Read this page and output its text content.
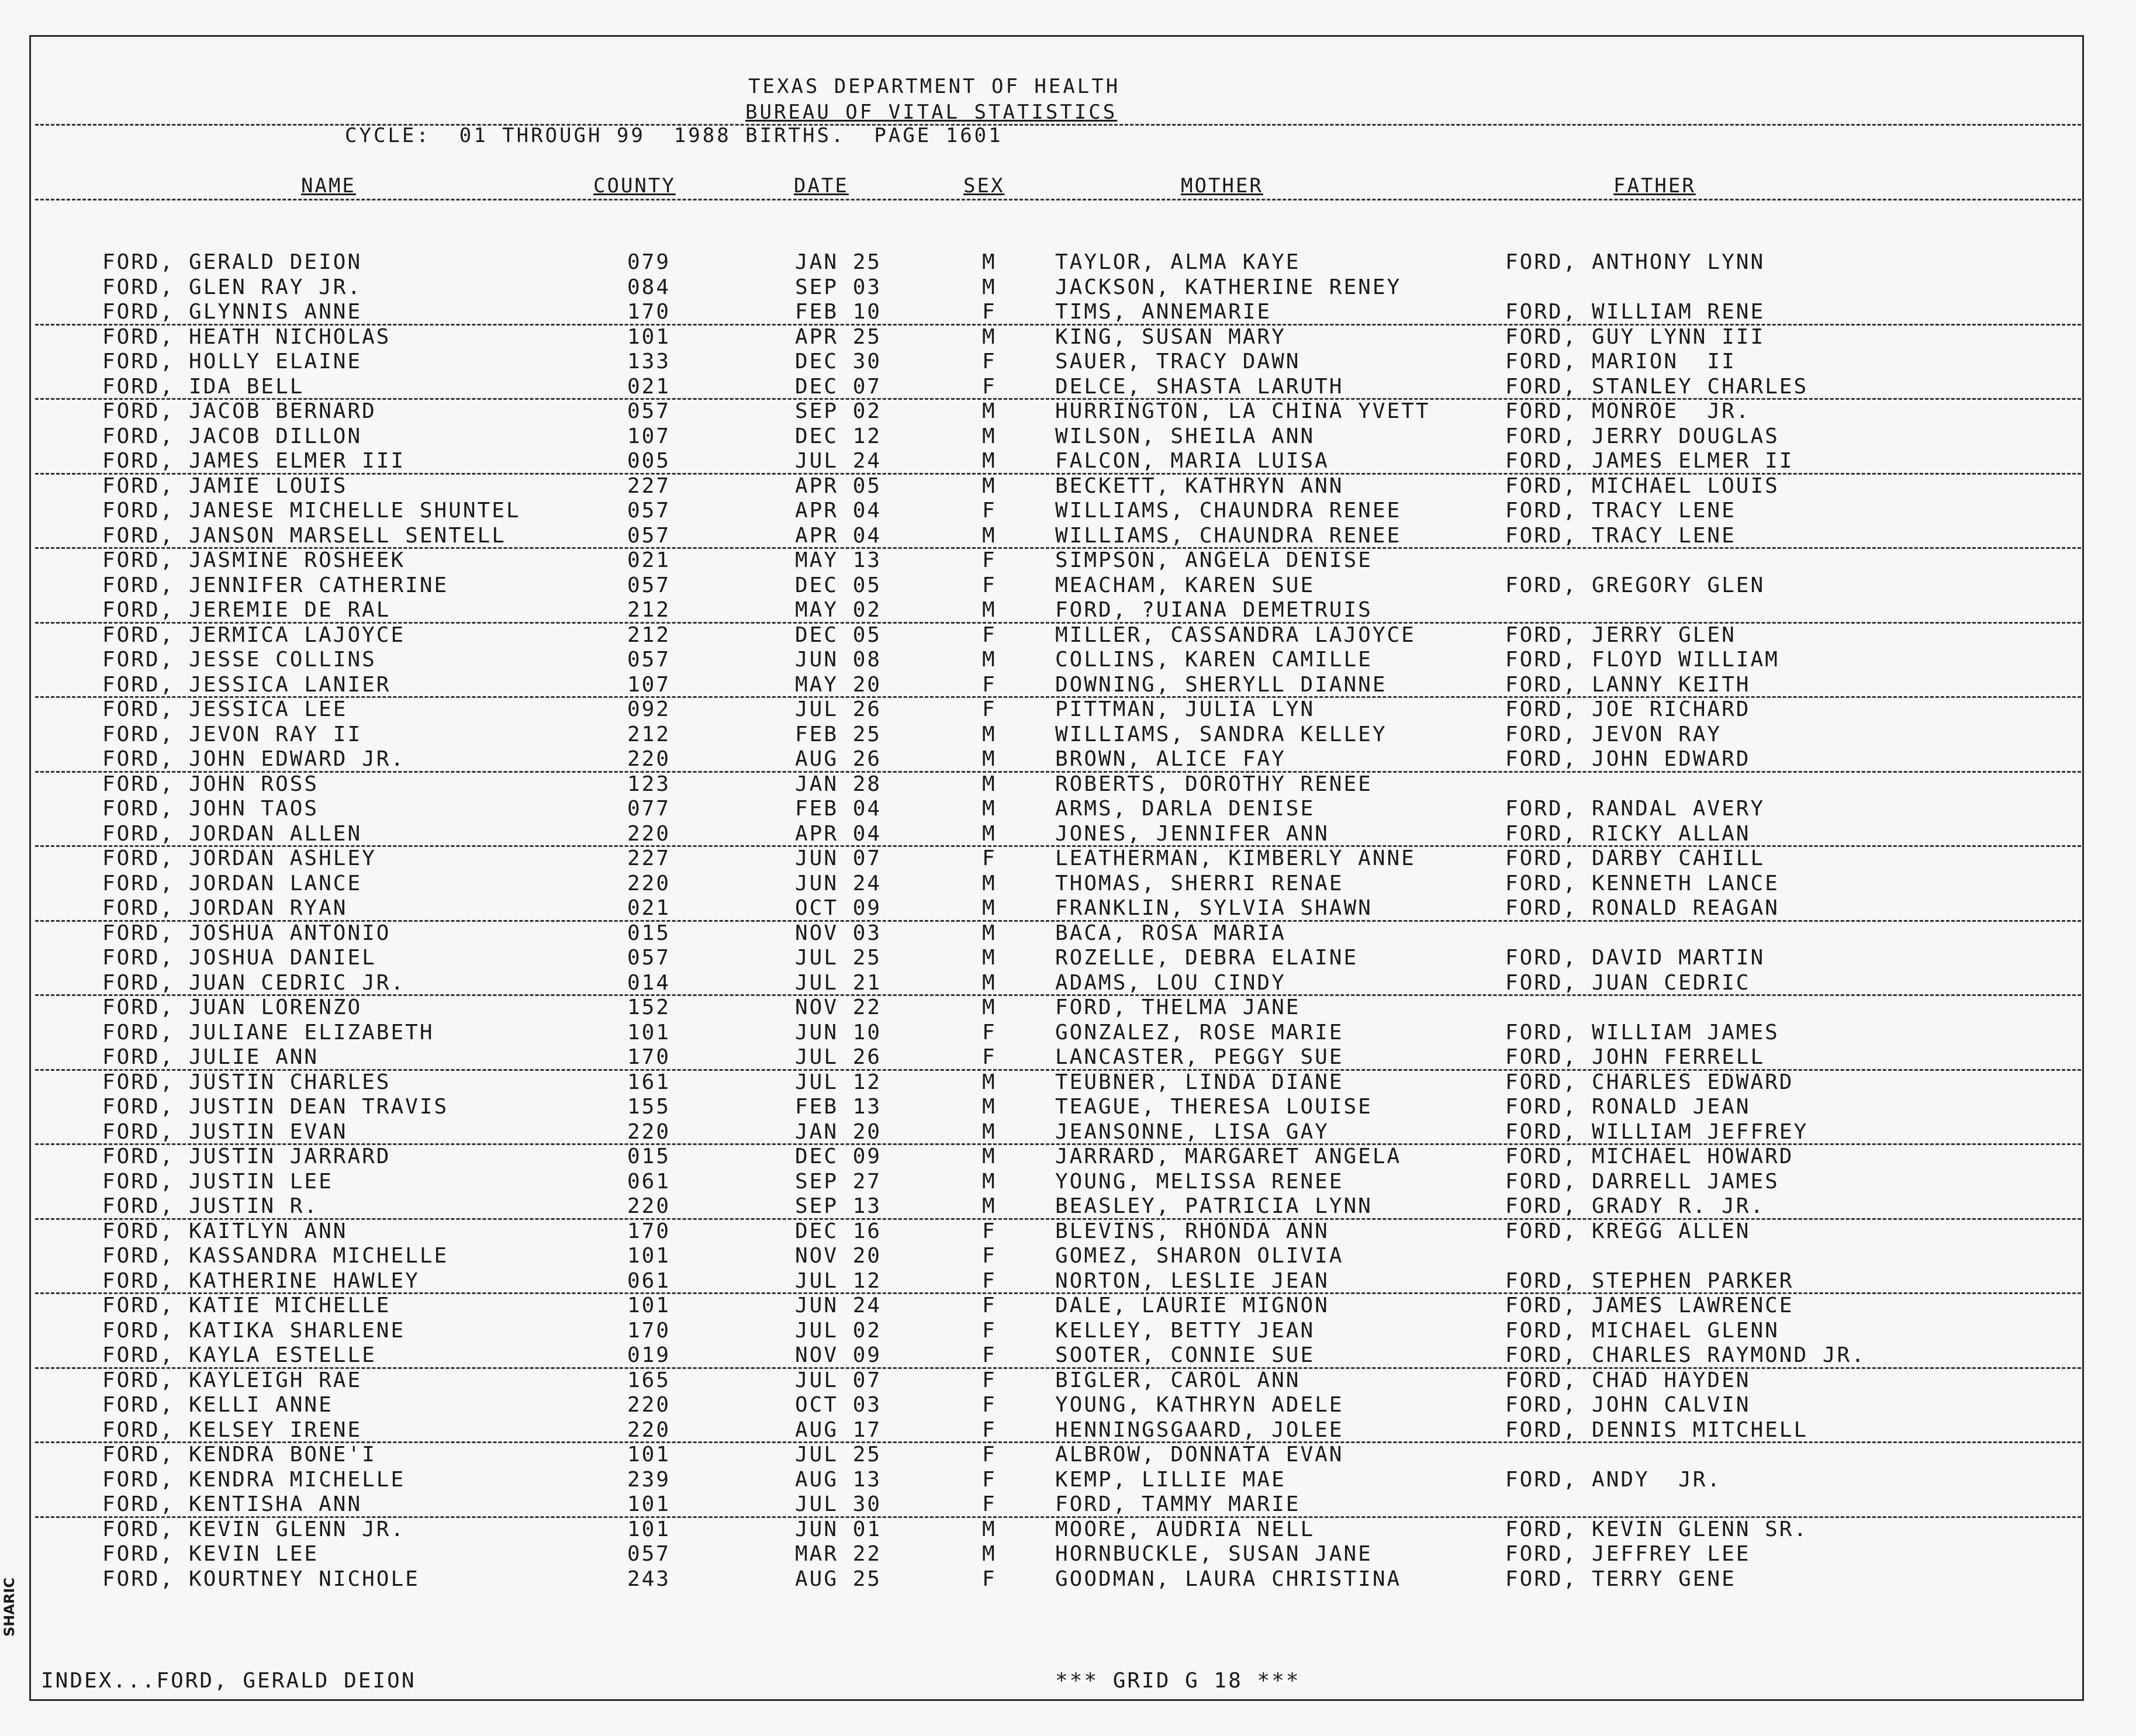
TEXAS DEPARTMENT OF HEALTH
BUREAU OF VITAL STATISTICS
CYCLE:  01 THROUGH 99  1988 BIRTHS.  PAGE 1601
NAME	COUNTY	DATE	SEX	MOTHER	FATHER
FORD, GERALD DEION	079	JAN 25	M	TAYLOR, ALMA KAYE	FORD, ANTHONY LYNN
FORD, GLEN RAY JR.	084	SEP 03	M	JACKSON, KATHERINE RENEY
FORD, GLYNNIS ANNE	170	FEB 10	F	TIMS, ANNEMARIE	FORD, WILLIAM RENE
FORD, HEATH NICHOLAS	101	APR 25	M	KING, SUSAN MARY	FORD, GUY LYNN III
FORD, HOLLY ELAINE	133	DEC 30	F	SAUER, TRACY DAWN	FORD, MARION  II
FORD, IDA BELL	021	DEC 07	F	DELCE, SHASTA LARUTH	FORD, STANLEY CHARLES
FORD, JACOB BERNARD	057	SEP 02	M	HURRINGTON, LA CHINA YVETT	FORD, MONROE  JR.
FORD, JACOB DILLON	107	DEC 12	M	WILSON, SHEILA ANN	FORD, JERRY DOUGLAS
FORD, JAMES ELMER III	005	JUL 24	M	FALCON, MARIA LUISA	FORD, JAMES ELMER II
FORD, JAMIE LOUIS	227	APR 05	M	BECKETT, KATHRYN ANN	FORD, MICHAEL LOUIS
FORD, JANESE MICHELLE SHUNTEL	057	APR 04	F	WILLIAMS, CHAUNDRA RENEE	FORD, TRACY LENE
FORD, JANSON MARSELL SENTELL	057	APR 04	M	WILLIAMS, CHAUNDRA RENEE	FORD, TRACY LENE
FORD, JASMINE ROSHEEK	021	MAY 13	F	SIMPSON, ANGELA DENISE
FORD, JENNIFER CATHERINE	057	DEC 05	F	MEACHAM, KAREN SUE	FORD, GREGORY GLEN
FORD, JEREMIE DE RAL	212	MAY 02	M	FORD, ?UIANA DEMETRUIS
FORD, JERMICA LAJOYCE	212	DEC 05	F	MILLER, CASSANDRA LAJOYCE	FORD, JERRY GLEN
FORD, JESSE COLLINS	057	JUN 08	M	COLLINS, KAREN CAMILLE	FORD, FLOYD WILLIAM
FORD, JESSICA LANIER	107	MAY 20	F	DOWNING, SHERYLL DIANNE	FORD, LANNY KEITH
FORD, JESSICA LEE	092	JUL 26	F	PITTMAN, JULIA LYN	FORD, JOE RICHARD
FORD, JEVON RAY II	212	FEB 25	M	WILLIAMS, SANDRA KELLEY	FORD, JEVON RAY
FORD, JOHN EDWARD JR.	220	AUG 26	M	BROWN, ALICE FAY	FORD, JOHN EDWARD
FORD, JOHN ROSS	123	JAN 28	M	ROBERTS, DOROTHY RENEE
FORD, JOHN TAOS	077	FEB 04	M	ARMS, DARLA DENISE	FORD, RANDAL AVERY
FORD, JORDAN ALLEN	220	APR 04	M	JONES, JENNIFER ANN	FORD, RICKY ALLAN
FORD, JORDAN ASHLEY	227	JUN 07	F	LEATHERMAN, KIMBERLY ANNE	FORD, DARBY CAHILL
FORD, JORDAN LANCE	220	JUN 24	M	THOMAS, SHERRI RENAE	FORD, KENNETH LANCE
FORD, JORDAN RYAN	021	OCT 09	M	FRANKLIN, SYLVIA SHAWN	FORD, RONALD REAGAN
FORD, JOSHUA ANTONIO	015	NOV 03	M	BACA, ROSA MARIA
FORD, JOSHUA DANIEL	057	JUL 25	M	ROZELLE, DEBRA ELAINE	FORD, DAVID MARTIN
FORD, JUAN CEDRIC JR.	014	JUL 21	M	ADAMS, LOU CINDY	FORD, JUAN CEDRIC
FORD, JUAN LORENZO	152	NOV 22	M	FORD, THELMA JANE
FORD, JULIANE ELIZABETH	101	JUN 10	F	GONZALEZ, ROSE MARIE	FORD, WILLIAM JAMES
FORD, JULIE ANN	170	JUL 26	F	LANCASTER, PEGGY SUE	FORD, JOHN FERRELL
FORD, JUSTIN CHARLES	161	JUL 12	M	TEUBNER, LINDA DIANE	FORD, CHARLES EDWARD
FORD, JUSTIN DEAN TRAVIS	155	FEB 13	M	TEAGUE, THERESA LOUISE	FORD, RONALD JEAN
FORD, JUSTIN EVAN	220	JAN 20	M	JEANSONNE, LISA GAY	FORD, WILLIAM JEFFREY
FORD, JUSTIN JARRARD	015	DEC 09	M	JARRARD, MARGARET ANGELA	FORD, MICHAEL HOWARD
FORD, JUSTIN LEE	061	SEP 27	M	YOUNG, MELISSA RENEE	FORD, DARRELL JAMES
FORD, JUSTIN R.	220	SEP 13	M	BEASLEY, PATRICIA LYNN	FORD, GRADY R. JR.
FORD, KAITLYN ANN	170	DEC 16	F	BLEVINS, RHONDA ANN	FORD, KREGG ALLEN
FORD, KASSANDRA MICHELLE	101	NOV 20	F	GOMEZ, SHARON OLIVIA
FORD, KATHERINE HAWLEY	061	JUL 12	F	NORTON, LESLIE JEAN	FORD, STEPHEN PARKER
FORD, KATIE MICHELLE	101	JUN 24	F	DALE, LAURIE MIGNON	FORD, JAMES LAWRENCE
FORD, KATIKA SHARLENE	170	JUL 02	F	KELLEY, BETTY JEAN	FORD, MICHAEL GLENN
FORD, KAYLA ESTELLE	019	NOV 09	F	SOOTER, CONNIE SUE	FORD, CHARLES RAYMOND JR.
FORD, KAYLEIGH RAE	165	JUL 07	F	BIGLER, CAROL ANN	FORD, CHAD HAYDEN
FORD, KELLI ANNE	220	OCT 03	F	YOUNG, KATHRYN ADELE	FORD, JOHN CALVIN
FORD, KELSEY IRENE	220	AUG 17	F	HENNINGSGAARD, JOLEE	FORD, DENNIS MITCHELL
FORD, KENDRA BONE'I	101	JUL 25	F	ALBROW, DONNATA EVAN
FORD, KENDRA MICHELLE	239	AUG 13	F	KEMP, LILLIE MAE	FORD, ANDY  JR.
FORD, KENTISHA ANN	101	JUL 30	F	FORD, TAMMY MARIE
FORD, KEVIN GLENN JR.	101	JUN 01	M	MOORE, AUDRIA NELL	FORD, KEVIN GLENN SR.
FORD, KEVIN LEE	057	MAR 22	M	HORNBUCKLE, SUSAN JANE	FORD, JEFFREY LEE
FORD, KOURTNEY NICHOLE	243	AUG 25	F	GOODMAN, LAURA CHRISTINA	FORD, TERRY GENE
INDEX...FORD, GERALD DEION	*** GRID G 18 ***
SHARIC
